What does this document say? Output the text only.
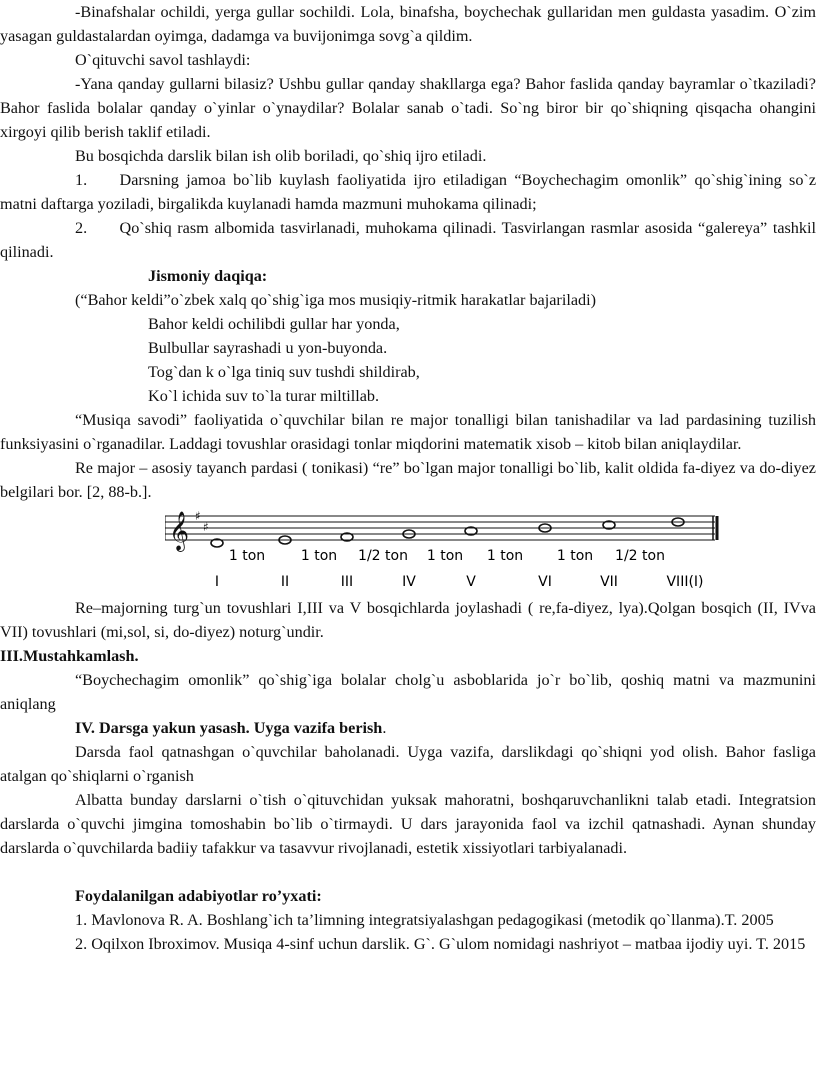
-Binafshalar ochildi, yerga gullar sochildi. Lola, binafsha, boychechak gullaridan men guldasta yasadim. O`zim yasagan guldastalardan oyimga, dadamga va buvijonimga sovg`a qildim.

O`qituvchi savol tashlaydi:

-Yana qanday gullarni bilasiz? Ushbu gullar qanday shakllarga ega? Bahor faslida qanday bayramlar o`tkaziladi? Bahor faslida bolalar qanday o`yinlar o`ynaydilar? Bolalar sanab o`tadi. So`ng biror bir qo`shiqning qisqacha ohangini xirgoyi qilib berish taklif etiladi.

Bu bosqichda darslik bilan ish olib boriladi, qo`shiq ijro etiladi.

1.  Darsning jamoa bo`lib kuylash faoliyatida ijro etiladigan “Boychechagim omonlik” qo`shig`ining so`z matni daftarga yoziladi, birgalikda kuylanadi hamda mazmuni muhokama qilinadi;

2.  Qo`shiq rasm albomida tasvirlanadi, muhokama qilinadi. Tasvirlangan rasmlar asosida “galereya” tashkil qilinadi.

Jismoniy daqiqa:

(“Bahor keldi”o`zbek xalq qo`shig`iga mos musiqiy-ritmik harakatlar bajariladi)

Bahor keldi ochilibdi gullar har yonda,

Bulbullar sayrashadi u yon-buyonda.

Tog`dan k o`lga tiniq suv tushdi shildirab,

Ko`l ichida suv to`la turar miltillab.

“Musiqa savodi” faoliyatida o`quvchilar bilan re major tonalligi bilan tanishadilar va lad pardasining tuzilish funksiyasini o`rganadilar. Laddagi tovushlar orasidagi tonlar miqdorini matematik xisob – kitob bilan aniqlaydilar.

Re major – asosiy tayanch pardasi ( tonikasi) “re” bo`lgan major tonalligi bo`lib, kalit oldida fa-diyez va do-diyez belgilari bor. [2, 88-b.].

𝄞 ♯
♯
1 ton	1 ton 1/2 ton 1 ton 1 ton 1 ton 1/2 ton
I	II	III	IV	V	VI	VII	VIII(I)

Re–majorning turg`un tovushlari I,III va V bosqichlarda joylashadi ( re,fa-diyez, lya).Qolgan bosqich (II, IVva VII) tovushlari (mi,sol, si, do-diyez) noturg`undir.

III.Mustahkamlash.

“Boychechagim omonlik” qo`shig`iga bolalar cholg`u asboblarida jo`r bo`lib, qoshiq matni va mazmunini aniqlang

IV. Darsga yakun yasash. Uyga vazifa berish.

Darsda faol qatnashgan o`quvchilar baholanadi. Uyga vazifa, darslikdagi qo`shiqni yod olish. Bahor fasliga atalgan qo`shiqlarni o`rganish

Albatta bunday darslarni o`tish o`qituvchidan yuksak mahoratni, boshqaruvchanlikni talab etadi. Integratsion darslarda o`quvchi jimgina tomoshabin bo`lib o`tirmaydi. U dars jarayonida faol va izchil qatnashadi. Aynan shunday darslarda o`quvchilarda badiiy tafakkur va tasavvur rivojlanadi, estetik xissiyotlari tarbiyalanadi.

Foydalanilgan adabiyotlar ro’yxati:

1. Mavlonova R. A. Boshlang`ich ta’limning integratsiyalashgan pedagogikasi (metodik qo`llanma).T. 2005

2. Oqilxon Ibroximov. Musiqa 4-sinf uchun darslik. G`. G`ulom nomidagi nashriyot – matbaa ijodiy uyi. T. 2015
